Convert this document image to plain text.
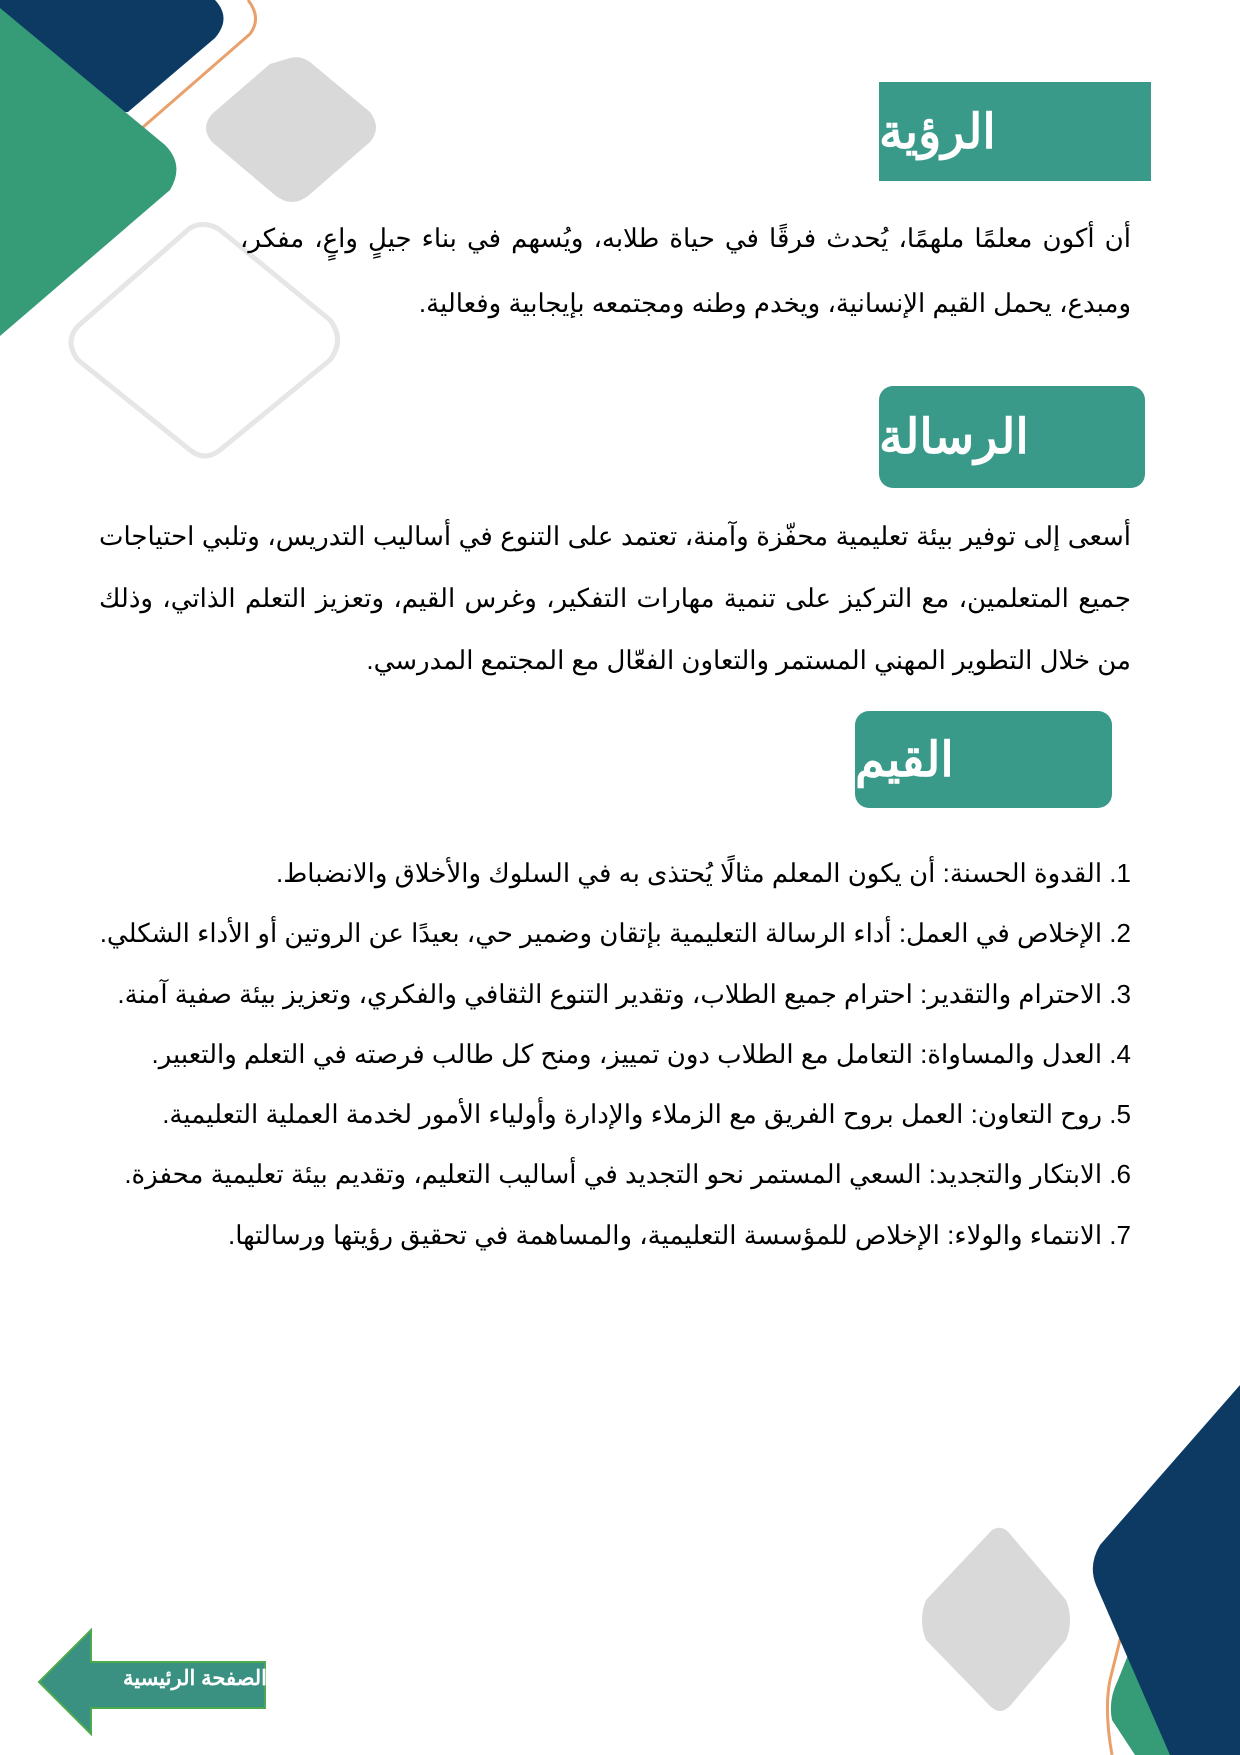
الرؤية
أن أكون معلمًا ملهمًا، يُحدث فرقًا في حياة طلابه، ويُسهم في بناء جيلٍ واعٍ، مفكر، ومبدع، يحمل القيم الإنسانية، ويخدم وطنه ومجتمعه بإيجابية وفعالية.
الرسالة
أسعى إلى توفير بيئة تعليمية محفّزة وآمنة، تعتمد على التنوع في أساليب التدريس، وتلبي احتياجات جميع المتعلمين، مع التركيز على تنمية مهارات التفكير، وغرس القيم، وتعزيز التعلم الذاتي، وذلك من خلال التطوير المهني المستمر والتعاون الفعّال مع المجتمع المدرسي.
القيم
1. القدوة الحسنة: أن يكون المعلم مثالًا يُحتذى به في السلوك والأخلاق والانضباط.
2. الإخلاص في العمل: أداء الرسالة التعليمية بإتقان وضمير حي، بعيدًا عن الروتين أو الأداء الشكلي.
3. الاحترام والتقدير: احترام جميع الطلاب، وتقدير التنوع الثقافي والفكري، وتعزيز بيئة صفية آمنة.
4. العدل والمساواة: التعامل مع الطلاب دون تمييز، ومنح كل طالب فرصته في التعلم والتعبير.
5. روح التعاون: العمل بروح الفريق مع الزملاء والإدارة وأولياء الأمور لخدمة العملية التعليمية.
6. الابتكار والتجديد: السعي المستمر نحو التجديد في أساليب التعليم، وتقديم بيئة تعليمية محفزة.
7. الانتماء والولاء: الإخلاص للمؤسسة التعليمية، والمساهمة في تحقيق رؤيتها ورسالتها.
الصفحة الرئيسية
